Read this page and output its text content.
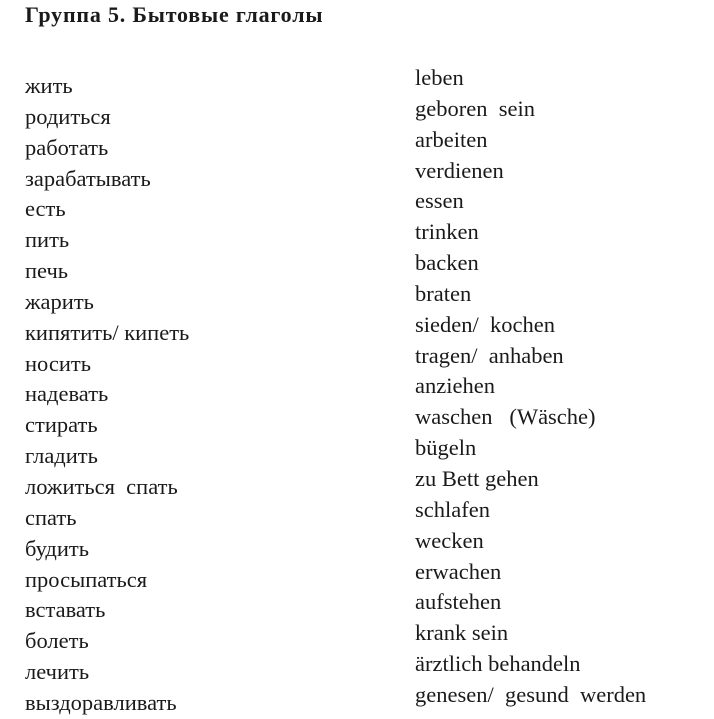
Группа 5. Бытовые глаголы
жить
родиться
работать
зарабатывать
есть
пить
печь
жарить
кипятить/ кипеть
носить
надевать
стирать
гладить
ложиться  спать
спать
будить
просыпаться
вставать
болеть
лечить
выздоравливать
leben
geboren  sein
arbeiten
verdienen
essen
trinken
backen
braten
sieden/  kochen
tragen/  anhaben
anziehen
waschen   (Wäsche)
bügeln
zu Bett gehen
schlafen
wecken
erwachen
aufstehen
krank sein
ärztlich behandeln
genesen/  gesund  werden
